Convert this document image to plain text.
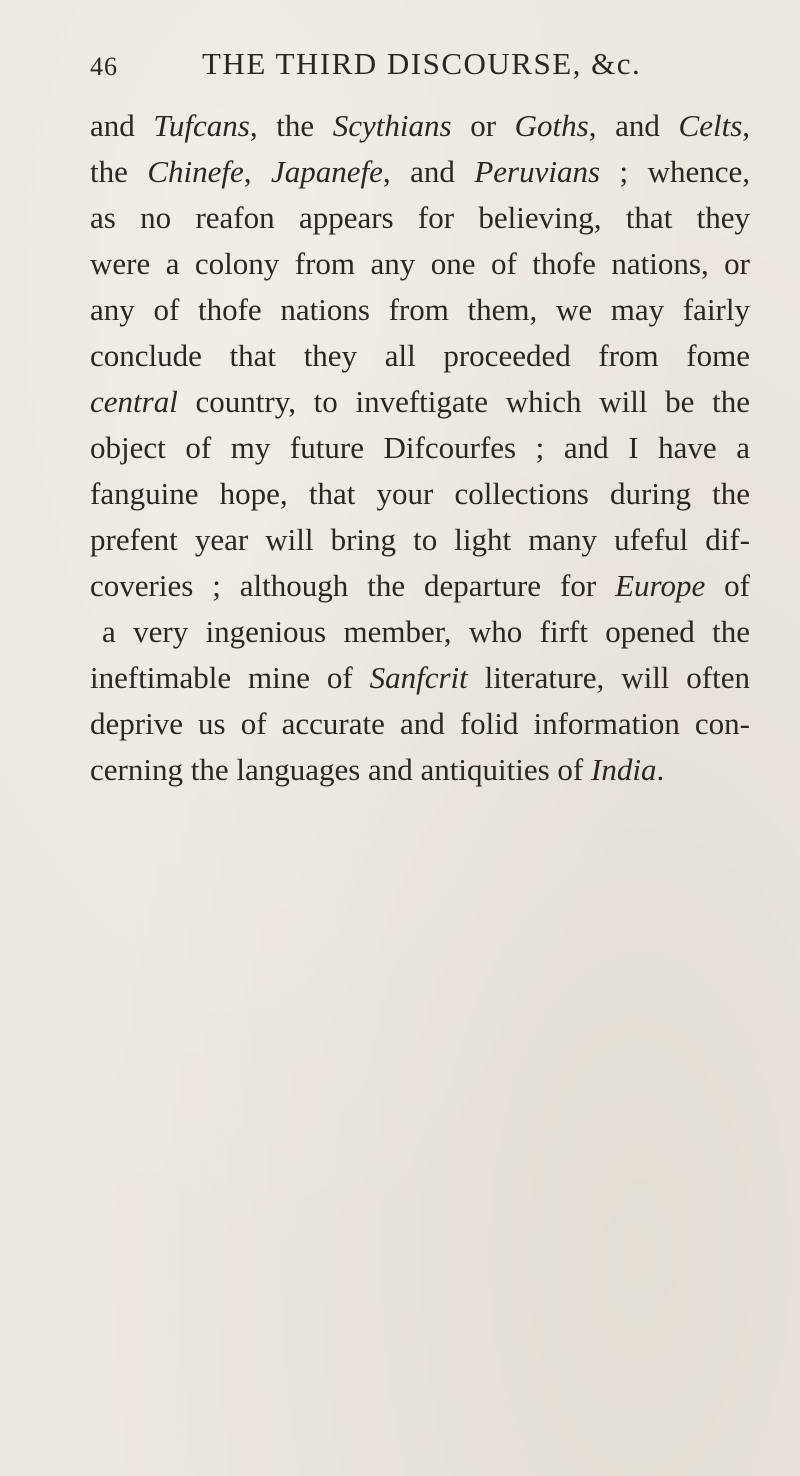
46	THE THIRD DISCOURSE, &c.
and Tufcans, the Scythians or Goths, and Celts,
the Chinefe, Japanefe, and Peruvians ; whence,
as no reafon appears for believing, that they
were a colony from any one of thofe nations, or
any of thofe nations from them, we may fairly
conclude that they all proceeded from fome
central country, to inveftigate which will be the
object of my future Difcourfes ; and I have a
fanguine hope, that your collections during the
prefent year will bring to light many ufeful dif-
coveries ; although the departure for Europe of
a very ingenious member, who firft opened the
ineftimable mine of Sanfcrit literature, will often
deprive us of accurate and folid information con-
cerning the languages and antiquities of India.
